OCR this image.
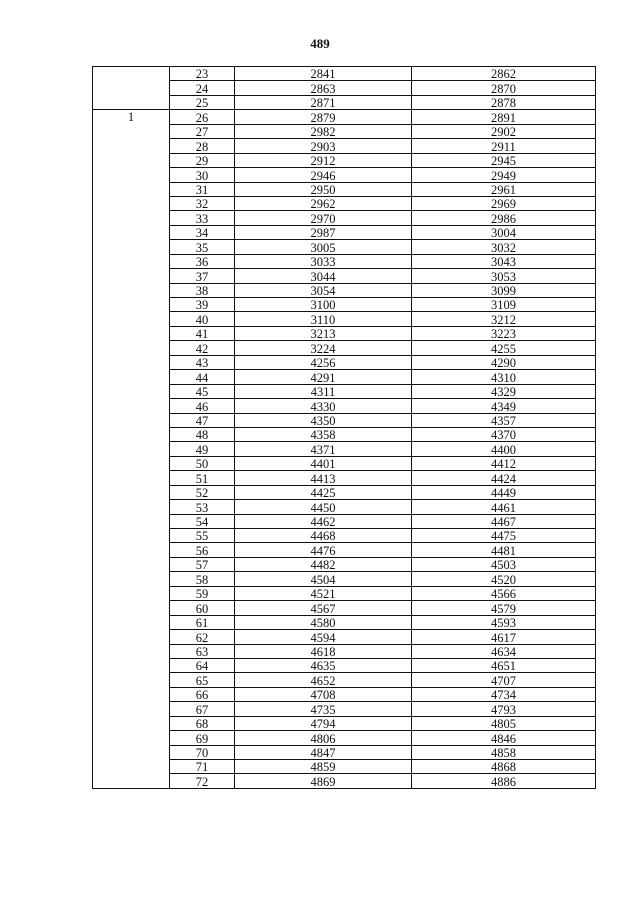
489
	23	2841	2862
	24	2863	2870
	25	2871	2878
1	26	2879	2891
	27	2982	2902
	28	2903	2911
	29	2912	2945
	30	2946	2949
	31	2950	2961
	32	2962	2969
	33	2970	2986
	34	2987	3004
	35	3005	3032
	36	3033	3043
	37	3044	3053
	38	3054	3099
	39	3100	3109
	40	3110	3212
	41	3213	3223
	42	3224	4255
	43	4256	4290
	44	4291	4310
	45	4311	4329
	46	4330	4349
	47	4350	4357
	48	4358	4370
	49	4371	4400
	50	4401	4412
	51	4413	4424
	52	4425	4449
	53	4450	4461
	54	4462	4467
	55	4468	4475
	56	4476	4481
	57	4482	4503
	58	4504	4520
	59	4521	4566
	60	4567	4579
	61	4580	4593
	62	4594	4617
	63	4618	4634
	64	4635	4651
	65	4652	4707
	66	4708	4734
	67	4735	4793
	68	4794	4805
	69	4806	4846
	70	4847	4858
	71	4859	4868
	72	4869	4886
